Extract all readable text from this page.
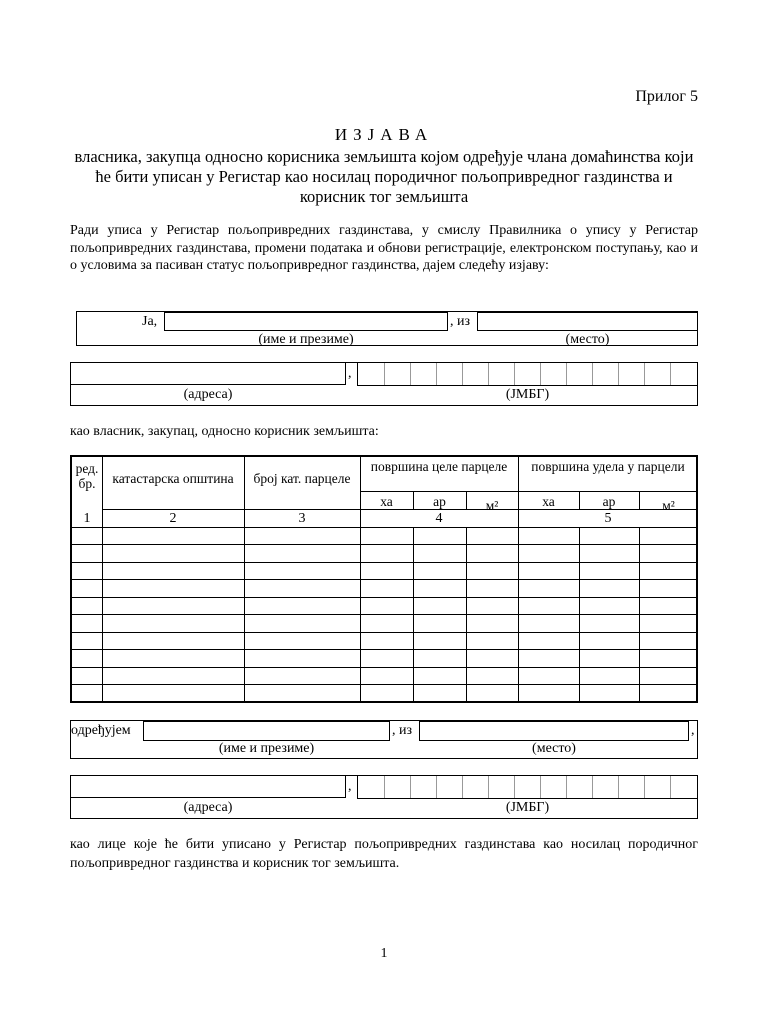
Прилог 5
ИЗЈАВА
власника, закупца односно корисника земљишта којом одређује члана домаћинства који ће бити уписан у Регистар као носилац породичног пољопривредног газдинства и корисник тог земљишта
Ради уписа у Регистар пољопривредних газдинстава, у смислу Правилника о упису у Регистар пољопривредних газдинстава, промени података и обнови регистрације, електронском поступању, као и о условима за пасиван статус пољопривредног газдинства, дајем следећу изјаву:
Ја,	, из
(име и презиме)	(место)
,
(адреса)	(ЈМБГ)
као власник, закупац, односно корисник земљишта:
ред. бр.	катастарска општина	број кат. парцеле
површина целе парцеле	површина удела у парцели
ха	ар	м²	ха	ар	м²
1	2	3	4	5
одређујем	, из	,
(име и презиме)	(место)
,
(адреса)	(ЈМБГ)
као лице које ће бити уписано у Регистар пољопривредних газдинстава као носилац породичног пољопривредног газдинства и корисник тог земљишта.
1
